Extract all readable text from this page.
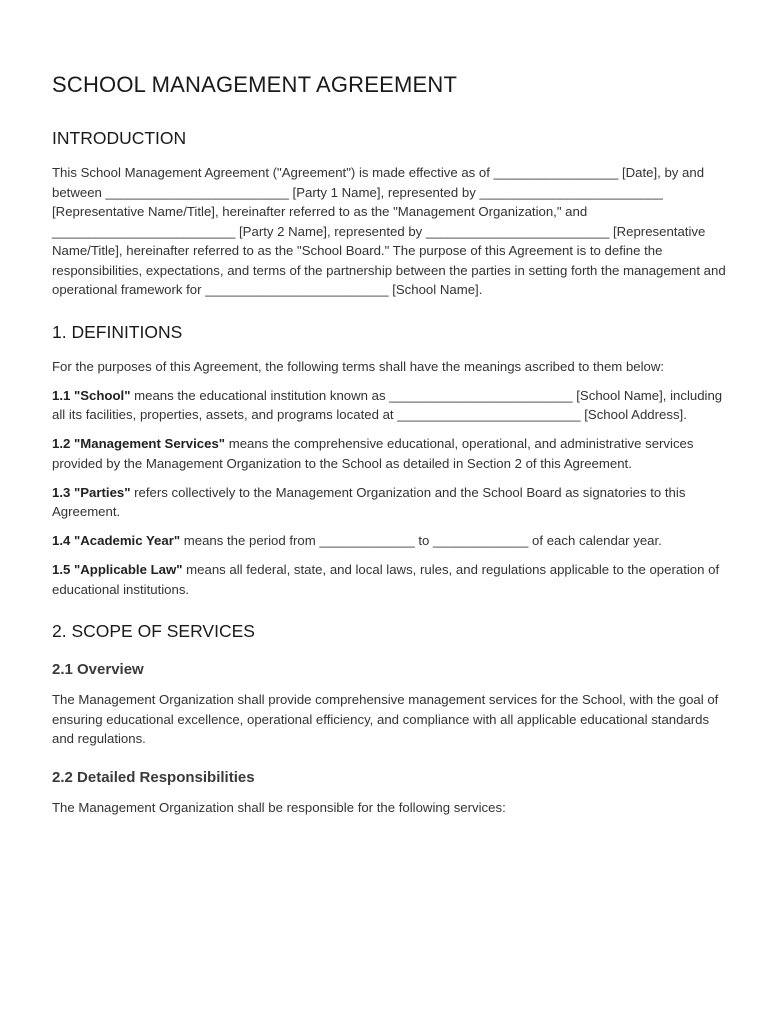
SCHOOL MANAGEMENT AGREEMENT
INTRODUCTION

This School Management Agreement ("Agreement") is made effective as of _________________ [Date], by and between _________________________ [Party 1 Name], represented by _________________________ [Representative Name/Title], hereinafter referred to as the "Management Organization," and _________________________ [Party 2 Name], represented by _________________________ [Representative Name/Title], hereinafter referred to as the "School Board." The purpose of this Agreement is to define the responsibilities, expectations, and terms of the partnership between the parties in setting forth the management and operational framework for _________________________ [School Name].

1. DEFINITIONS

For the purposes of this Agreement, the following terms shall have the meanings ascribed to them below:

1.1 "School" means the educational institution known as _________________________ [School Name], including all its facilities, properties, assets, and programs located at _________________________ [School Address].

1.2 "Management Services" means the comprehensive educational, operational, and administrative services provided by the Management Organization to the School as detailed in Section 2 of this Agreement.

1.3 "Parties" refers collectively to the Management Organization and the School Board as signatories to this Agreement.

1.4 "Academic Year" means the period from _____________ to _____________ of each calendar year.

1.5 "Applicable Law" means all federal, state, and local laws, rules, and regulations applicable to the operation of educational institutions.

2. SCOPE OF SERVICES
2.1 Overview

The Management Organization shall provide comprehensive management services for the School, with the goal of ensuring educational excellence, operational efficiency, and compliance with all applicable educational standards and regulations.

2.2 Detailed Responsibilities

The Management Organization shall be responsible for the following services:
